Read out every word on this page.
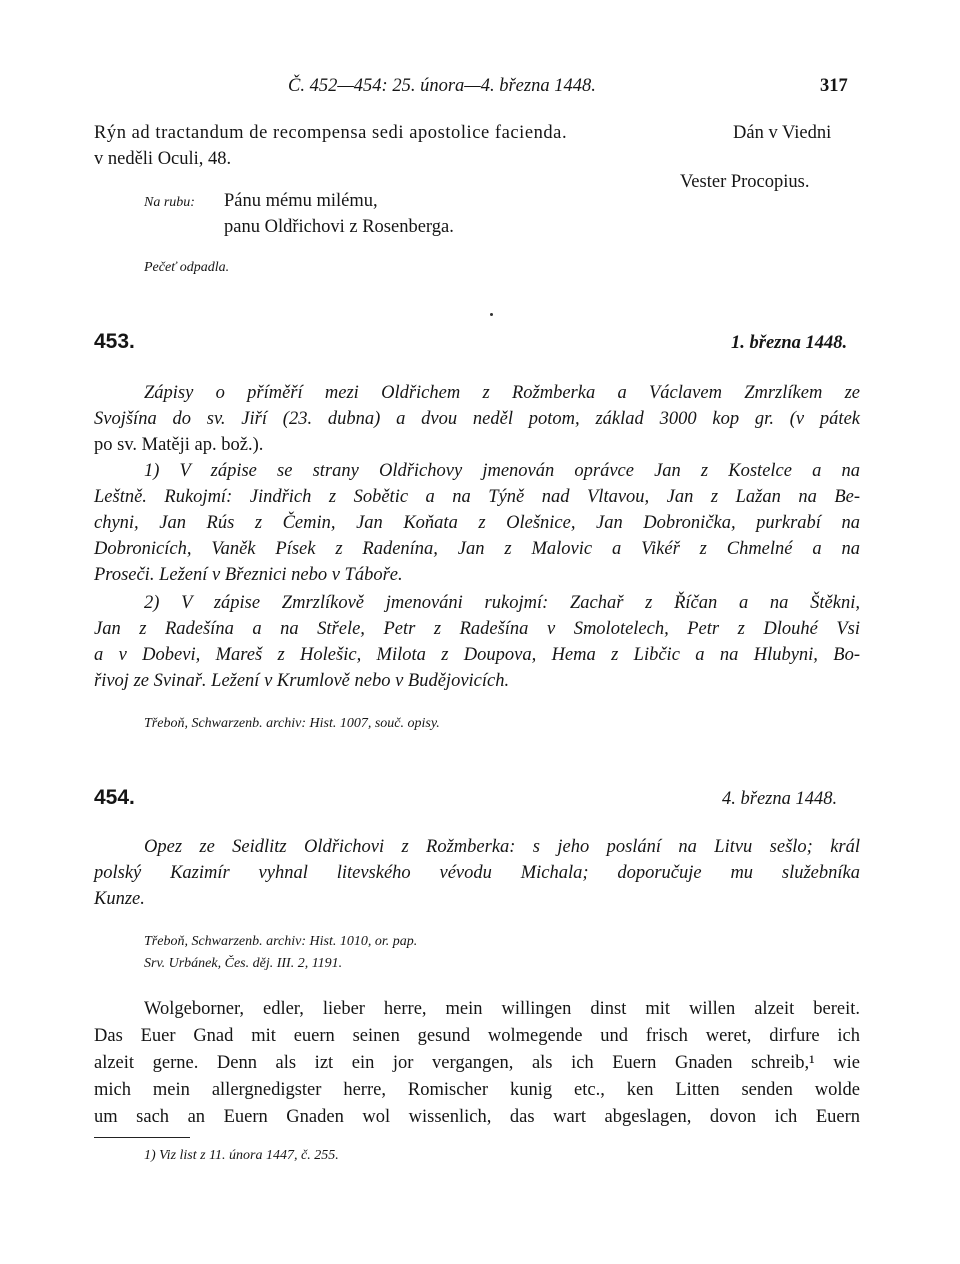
Č. 452—454: 25. února—4. března 1448.	317
Rýn ad tractandum de recompensa sedi apostolice facienda.	Dán v Viedni
v neděli Oculi, 48.
Vester Procopius.
Na rubu: Pánu mému milému,
panu Oldřichovi z Rosenberga.
Pečeť odpadla.
453.	1. března 1448.
Zápisy o příměří mezi Oldřichem z Rožmberka a Václavem Zmrzlíkem ze
Svojšína do sv. Jiří (23. dubna) a dvou neděl potom, základ 3000 kop gr. (v pátek
po sv. Matěji ap. bož.).
1) V zápise se strany Oldřichovy jmenován oprávce Jan z Kostelce a na
Leštně. Rukojmí: Jindřich z Sobětic a na Týně nad Vltavou, Jan z Lažan na Be-
chyni, Jan Rús z Čemin, Jan Koňata z Olešnice, Jan Dobronička, purkrabí na
Dobronicích, Vaněk Písek z Radenína, Jan z Malovic a Vikéř z Chmelné a na
Proseči. Ležení v Březnici nebo v Táboře.
2) V zápise Zmrzlíkově jmenováni rukojmí: Zachař z Říčan a na Štěkni,
Jan z Radešína a na Střele, Petr z Radešína v Smolotelech, Petr z Dlouhé Vsi
a v Dobevi, Mareš z Holešic, Milota z Doupova, Hema z Libčic a na Hlubyni, Bo-
řivoj ze Svinař. Ležení v Krumlově nebo v Budějovicích.
Třeboň, Schwarzenb. archiv: Hist. 1007, souč. opisy.
454.	4. března 1448.
Opez ze Seidlitz Oldřichovi z Rožmberka: s jeho poslání na Litvu sešlo; král
polský Kazimír vyhnal litevského vévodu Michala; doporučuje mu služebníka
Kunze.
Třeboň, Schwarzenb. archiv: Hist. 1010, or. pap.
Srv. Urbánek, Čes. děj. III. 2, 1191.
Wolgeborner, edler, lieber herre, mein willingen dinst mit willen alzeit bereit.
Das Euer Gnad mit euern seinen gesund wolmegende und frisch weret, dirfure ich
alzeit gerne. Denn als izt ein jor vergangen, als ich Euern Gnaden schreib,¹ wie
mich mein allergnedigster herre, Romischer kunig etc., ken Litten senden wolde
um sach an Euern Gnaden wol wissenlich, das wart abgeslagen, dovon ich Euern
1) Viz list z 11. února 1447, č. 255.
